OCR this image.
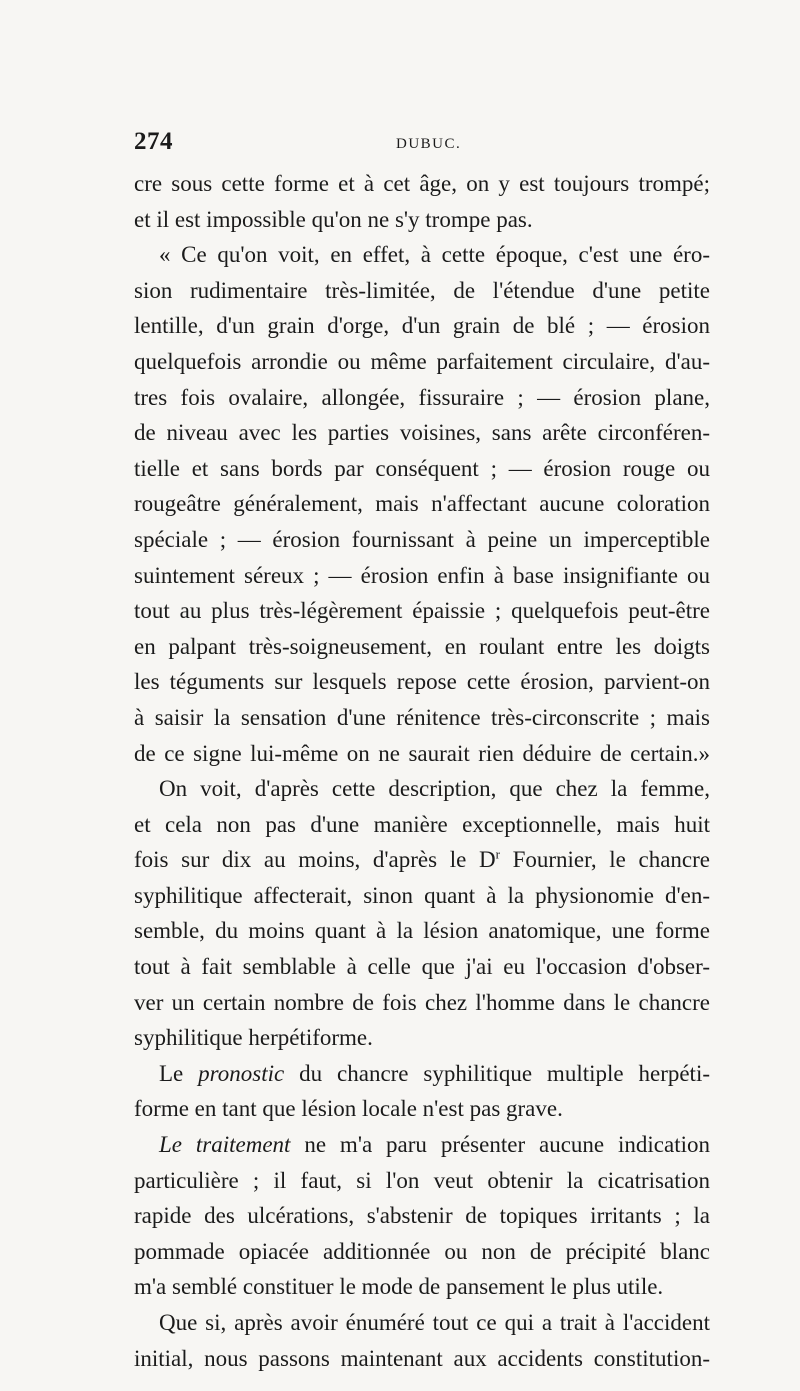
274	DUBUC.
cre sous cette forme et à cet âge, on y est toujours trompé;
et il est impossible qu'on ne s'y trompe pas.
« Ce qu'on voit, en effet, à cette époque, c'est une éro-
sion rudimentaire très-limitée, de l'étendue d'une petite
lentille, d'un grain d'orge, d'un grain de blé ; — érosion
quelquefois arrondie ou même parfaitement circulaire, d'au-
tres fois ovalaire, allongée, fissuraire ; — érosion plane,
de niveau avec les parties voisines, sans arête circonféren-
tielle et sans bords par conséquent ; — érosion rouge ou
rougeâtre généralement, mais n'affectant aucune coloration
spéciale ; — érosion fournissant à peine un imperceptible
suintement séreux ; — érosion enfin à base insignifiante ou
tout au plus très-légèrement épaissie ; quelquefois peut-être
en palpant très-soigneusement, en roulant entre les doigts
les téguments sur lesquels repose cette érosion, parvient-on
à saisir la sensation d'une rénitence très-circonscrite ; mais
de ce signe lui-même on ne saurait rien déduire de certain.»
On voit, d'après cette description, que chez la femme,
et cela non pas d'une manière exceptionnelle, mais huit
fois sur dix au moins, d'après le $D^r$ Fournier, le chancre
syphilitique affecterait, sinon quant à la physionomie d'en-
semble, du moins quant à la lésion anatomique, une forme
tout à fait semblable à celle que j'ai eu l'occasion d'obser-
ver un certain nombre de fois chez l'homme dans le chancre
syphilitique herpétiforme.
Le pronostic du chancre syphilitique multiple herpéti-
forme en tant que lésion locale n'est pas grave.
Le traitement ne m'a paru présenter aucune indication
particulière ; il faut, si l'on veut obtenir la cicatrisation
rapide des ulcérations, s'abstenir de topiques irritants ; la
pommade opiacée additionnée ou non de précipité blanc
m'a semblé constituer le mode de pansement le plus utile.
Que si, après avoir énuméré tout ce qui a trait à l'accident
initial, nous passons maintenant aux accidents constitution-
